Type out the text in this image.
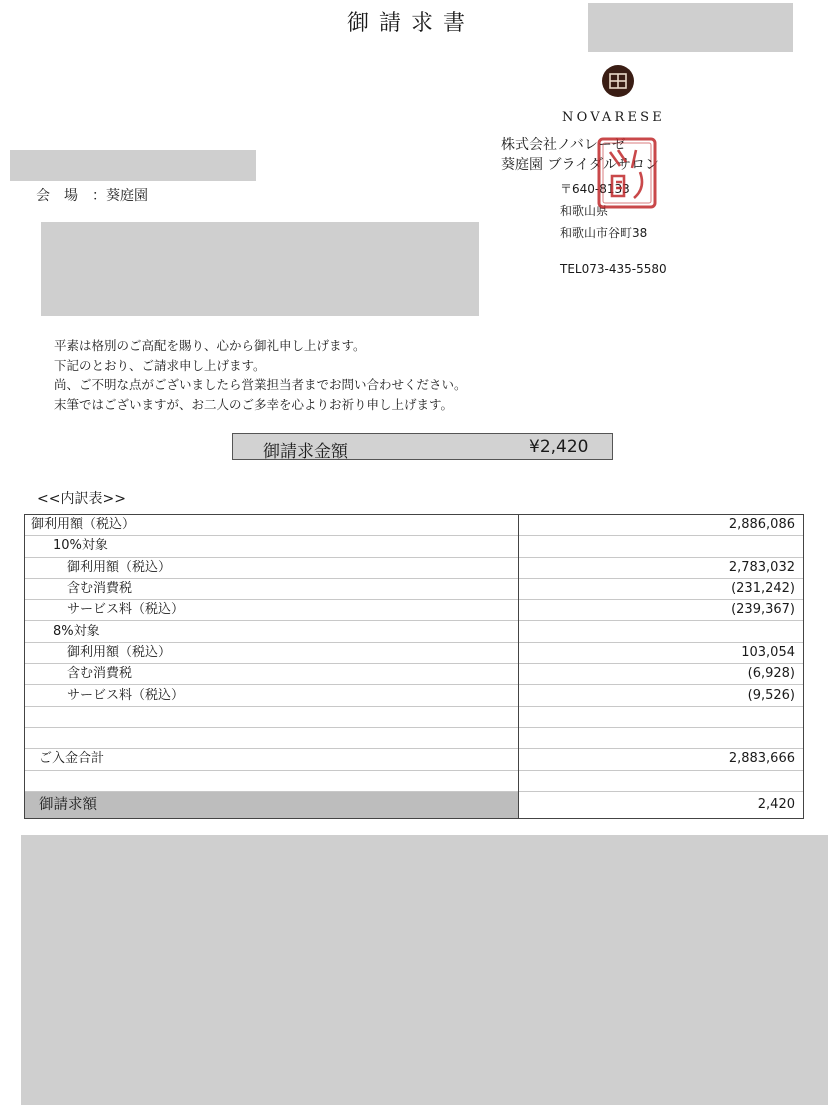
御請求書
NOVARESE
株式会社ノバレーゼ
葵庭園 ブライダルサロン
〒640-8133
和歌山県
和歌山市谷町38
TEL073-435-5580
会　場　：葵庭園
平素は格別のご高配を賜り、心から御礼申し上げます。
下記のとおり、ご請求申し上げます。
尚、ご不明な点がございましたら営業担当者までお問い合わせください。
末筆ではございますが、お二人のご多幸を心よりお祈り申し上げます。
御請求金額	¥2,420
<<内訳表>>
御利用額（税込）	2,886,086
10%対象	
御利用額（税込）	2,783,032
含む消費税	(231,242)
サービス料（税込）	(239,367)
8%対象	
御利用額（税込）	103,054
含む消費税	(6,928)
サービス料（税込）	(9,526)

ご入金合計	2,883,666

御請求額	2,420
